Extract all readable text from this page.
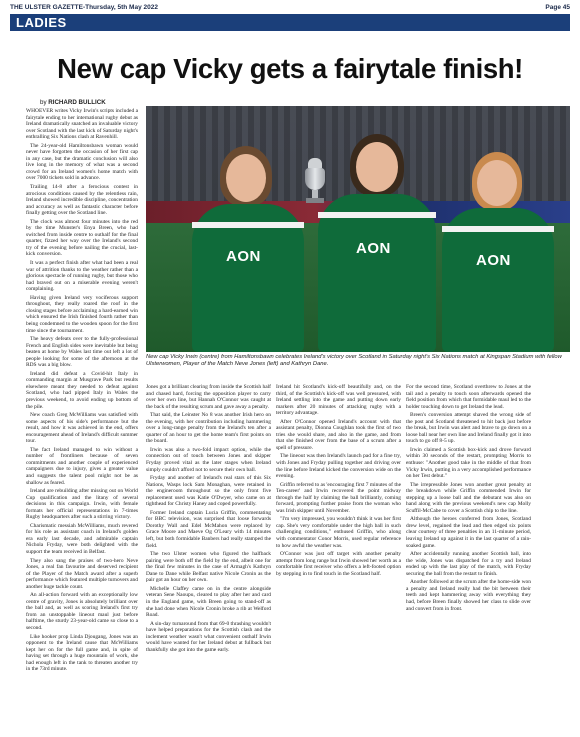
THE ULSTER GAZETTE-Thursday, 5th May 2022	Page 45
LADIES
New cap Vicky gets a fairytale finish!
by RICHARD BULLICK

WHOEVER writes Vicky Irwin's scripts included a fairytale ending to her international rugby debut as Ireland dramatically snatched an invaluable victory over Scotland with the last kick of Saturday night's enthralling Six Nations clash at Ravenhill.

The 24-year-old Hamiltonsbawn woman would never have forgotten the occasion of her first cap in any case, but the dramatic conclusion will also live long in the memory of what was a second crowd for an Ireland women's home match with over 7000 tickets sold in advance.

Trailing 14-8 after a ferocious contest in atrocious conditions caused by the relentless rain, Ireland showed incredible discipline, concentration and accuracy as well as fantastic character before finally getting over the Scotland line.

The clock was almost four minutes into the red by the time Munster's Enya Breen, who had switched from inside centre to outhalf for the final quarter, fizzed her way over the Ireland's second try of the evening before nailing the crucial, last-kick conversion.

It was a perfect finish after what had been a real war of attrition thanks to the weather rather than a glorious spectacle of running rugby, but those who had braved out on a miserable evening weren't complaining.

Having given Ireland very vociferous support throughout, they really roared the roof in the closing stages before acclaiming a hard-earned win which ensured the Irish finished fourth rather than being condemned to the wooden spoon for the first time since the tournament.

The heavy defeats over to the fully-professional French and English sides were inevitable but being beaten at home by Wales last time out left a lot of people looking for some of the afternoon at the RDS was a big blow.

Ireland did defeat a Covid-hit Italy in commanding margin at Musgrave Park but results elsewhere meant they needed to defeat against Scotland, who had pipped Italy in Wales the previous weekend, to avoid ending up bottom of the pile.

New coach Greg McWilliams was satisfied with some aspects of his side's performance but the result, and how it was achieved in the end, offers encouragement ahead of Ireland's difficult summer tour.

The fact Ireland managed to win without a number of frontliners because of seven commitments and another couple of experienced campaigners due to injury, gives a greater value and suggests the talent pool might not be as shallow as feared.

Ireland are rebuilding after missing out on World Cup qualification and the litany of several decisions in this campaign. Irwin, with female formats her official representations in 7-times Rugby headquarters after such a stirring victory.

Charismatic messiah McWilliams, much revered for his role as assistant coach in Ireland's golden era early last decade, and admirable captain Nichola Fryday, were both delighted with the support the team received in Belfast.

They also sang the praises of two-hero Neve Jones, a real fan favourite and deserved recipient of the Player of the Match award after a superb performance which featured multiple turnovers and another huge tackle count.

An all-action forward with an exceptionally low centre of gravity, Jones is absolutely brilliant over the ball and, as well as scoring Ireland's first try from an unstoppable lineout maul just before halftime, the sturdy 23-year-old came so close to a second.

Like hooker prop Linda Djougang, Jones was an opponent to the Ireland cause that McWilliams kept her on for the full game and, in spite of having set through a huge mountain of work, she had enough left in the tank to threaten another try in the 73rd minute.

AON	AON
AON
New cap Vicky Irwin (centre) from Hamiltonsbawn celebrates Ireland's victory over Scotland in Saturday night's Six Nations match at Kingspan Stadium with fellow Ulsterwomen, Player of the Match Neve Jones (left) and Kathryn Dane.

Jones got a brilliant clearing from inside the Scottish half and chased hard, forcing the opposition player to carry over her own line, but Hannah O'Connor was caught at the back of the resulting scrum and gave away a penalty.

That said, the Leinster No 8 was another Irish hero on the evening, with her contribution including hammering over a long-range penalty from the Ireland's ten after a quarter of an hour to get the home team's first points on the board.

Irwin was also a two-fold impact option, while the connection out of touch between Jones and skipper Fryday proved vital as the later stages when Ireland simply couldn't afford not to secure their own ball.

Fryday and another of Ireland's real stars of this Six Nations, Wasps lock Sam Monaghan, were retained in the engineroom throughout so the only front five replacement used was Katie O'Dwyer, who came on at tighthead for Christy Haney and coped powerfully.

Former Ireland captain Lucia Griffin, commentating for BBC television, was surprised that loose forwards Dorothy Wall and Edel McMahon were replaced by Grace Moore and Maeve Og O'Leary with 14 minutes left, but both formidable Banbers had really stamped the field.

The two Ulster women who figured the halfback pairing were both off the field by the end, albeit one for the final few minutes in the case of Armagh's Kathryn Dane to Dane while Belfast native Nicole Cronin as the pair got an hour on her own.

Michelle Claffey came on in the centre alongside veteran Sene Naoupu, cleared to play after her and card in the England game, with Breen going to stand-off as she had done when Nicole Cronin broke a rib at Welford Road.

A sin-day turnaround from that 69-0 thrashing wouldn't have helped preparations for the Scottish clash and the inclement weather wasn't what convenient outhalf Irwin would have wanted for her Ireland debut at fullback but thankfully she got into the game early.

Ireland hit Scotland's kick-off beautifully and, on the third, of the Scottish's kick-off was well pressured, with Ireland settling into the game and putting down early markers after 20 minutes of attacking rugby with a territory advantage.

After O'Connor opened Ireland's account with that assistant penalty, Dionna Coughlan took the first of two tries she would share, and also in the game, and from that she finished over from the base of a scrum after a spell of pressure.

The lineout was then Ireland's launch pad for a fine try, with Jones and Fryday pulling together and driving over the line before Ireland kicked the conversion wide on the evening.

Griffin referred to as 'encouraging first 7 minutes of the Ten-career' and Irwin recovered the point midway through the half by claiming the ball brilliantly, coming forward, prompting further praise from the woman who was Irish skipper until November.

"I'm very impressed, you wouldn't think it was her first cap. She's very comfortable under the high ball in such challenging conditions," enthused Griffin, who along with commentator Conor Morris, used regular reference to how awful the weather was.

O'Connor was just off target with another penalty attempt from long range but Irwin showed her worth as a comfortable first receiver who offers a left-footed option by stepping in to find touch in the Scotland half.

For the second time, Scotland overthrew to Jones at the tail and a penalty to touch soon afterwards opened the field position from which that formidable maul led to the holder touching down to get Ireland the lead.

Breen's conversion attempt shaved the wrong side of the post and Scotland threatened to hit back just before the break, but Irwin was alert and brave to go down on a loose ball near her own line and Ireland finally got it into touch to go off 8-5 up.

Irwin claimed a Scottish box-kick and drove forward within 30 seconds of the restart, prompting Morris to enthuse: "Another good take in the middle of that from Vicky Irwin, putting in a very accomplished performance on her Test debut."

The irrepressible Jones won another great penalty at the breakdown while Griffin commended Irwin for stepping up a loose ball and the debutant was also on hand along with the previous weekend's new cap Molly Scuffil-McCabe to cover a Scottish chip to the line.

Although the heroes conferred from Jones, Scotland drew level, regained the lead and then edged six points clear courtesy of three penalties in an 11-minute period, leaving Ireland up against it in the last quarter of a rain-soaked game.

After accidentally running another Scottish ball, into the wide, Jones was dispatched for a try and Ireland ended up with the last play of the match, with Fryday securing the ball from the restart to finish.

Another followed at the scrum after the home-side won a penalty and Ireland really had the bit between their teeth and kept hammering away with everything they had, before Breen finally showed her class to slide over and convert from in front.
